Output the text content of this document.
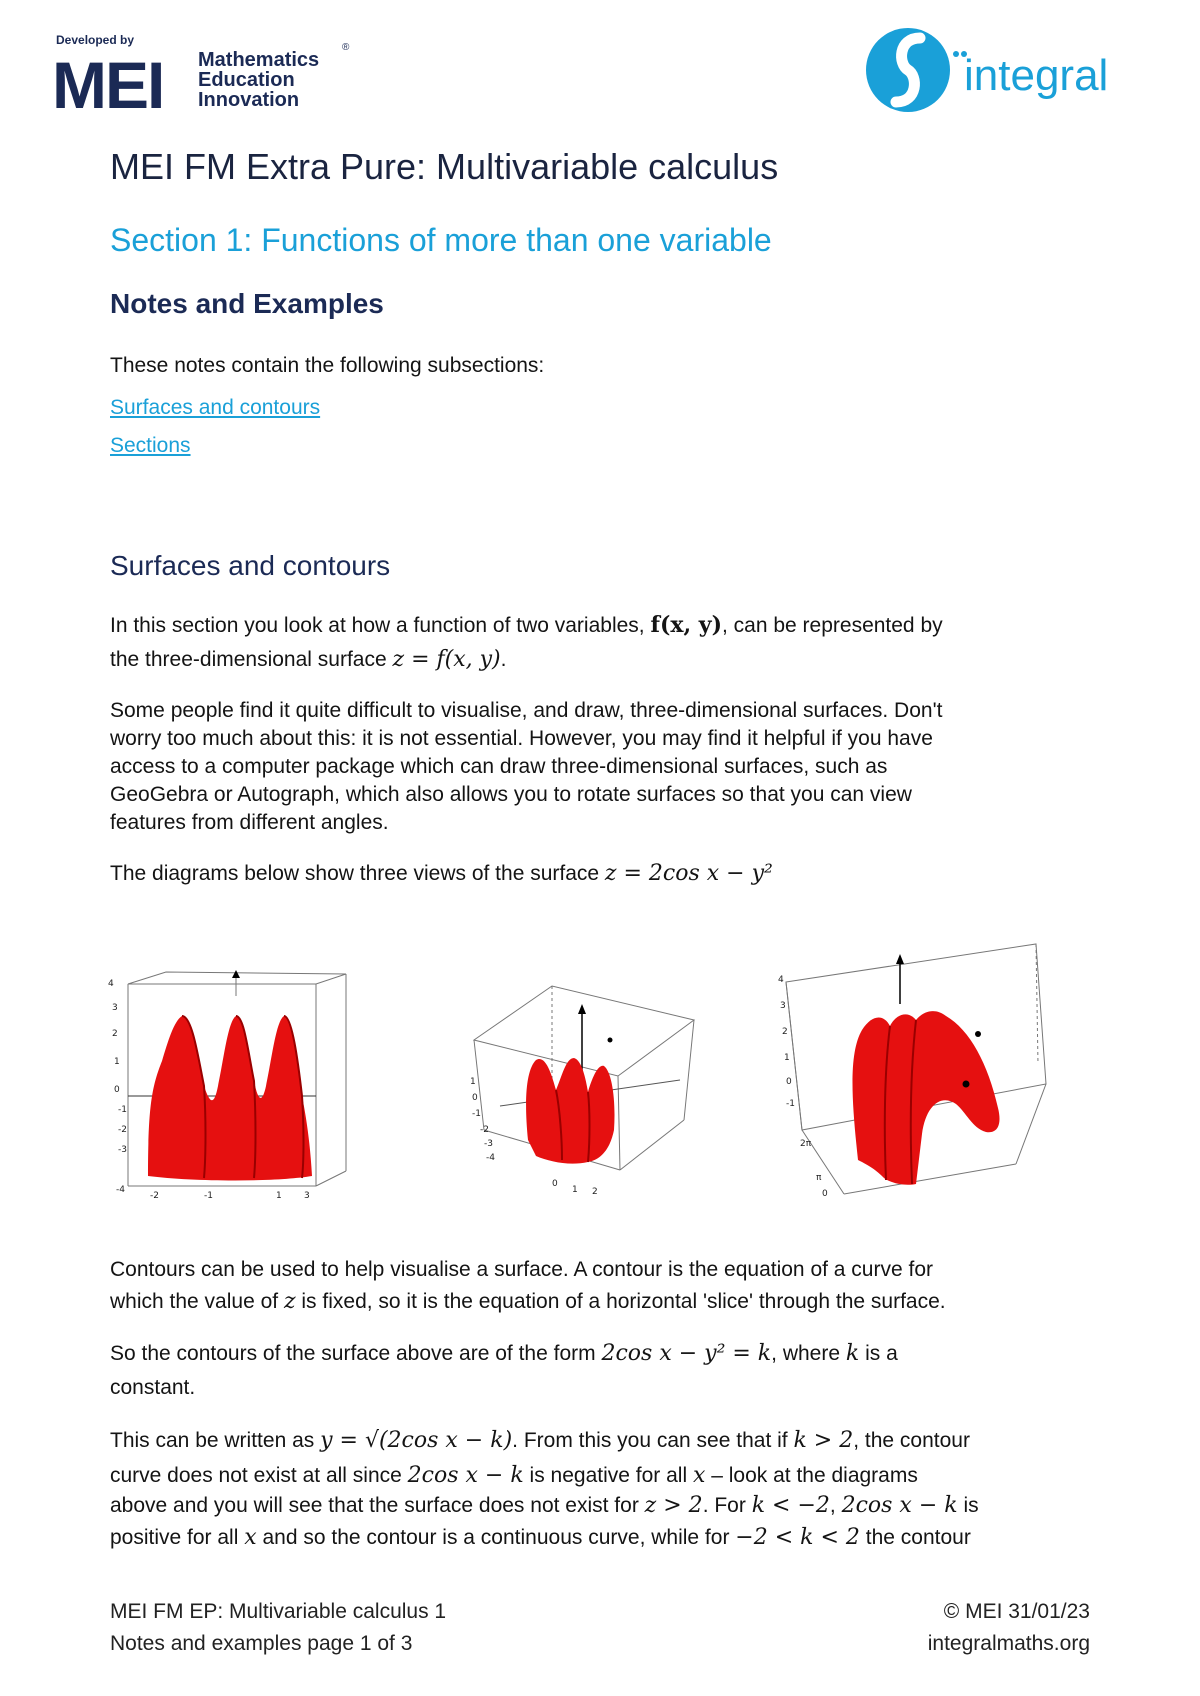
Developed by
MEI Mathematics
Education
Innovation
®
integral
MEI FM Extra Pure: Multivariable calculus
Section 1: Functions of more than one variable
Notes and Examples

These notes contain the following subsections:

Surfaces and contours
Sections
Surfaces and contours

In this section you look at how a function of two variables, f(x, y), can be represented by

the three-dimensional surface z = f(x, y).

Some people find it quite difficult to visualise, and draw, three-dimensional surfaces. Don't

worry too much about this: it is not essential. However, you may find it helpful if you have

access to a computer package which can draw three-dimensional surfaces, such as

GeoGebra or Autograph, which also allows you to rotate surfaces so that you can view

features from different angles.

The diagrams below show three views of the surface z = 2cos x − y²

4
3
2
1
0
-1
-2
-3
-4
-2	-1	1 3
1
0
-1
-2
-3
-4
0
1 2
4
3
2
1
0
-1
2π
π
0

Contours can be used to help visualise a surface. A contour is the equation of a curve for

which the value of z is fixed, so it is the equation of a horizontal 'slice' through the surface.

So the contours of the surface above are of the form 2cos x − y² = k, where k is a

constant.

This can be written as y = √(2cos x − k). From this you can see that if k > 2, the contour

curve does not exist at all since 2cos x − k is negative for all x – look at the diagrams

above and you will see that the surface does not exist for z > 2. For k < −2, 2cos x − k is

positive for all x and so the contour is a continuous curve, while for −2 < k < 2 the contour

MEI FM EP: Multivariable calculus 1
Notes and examples page 1 of 3
© MEI 31/01/23
integralmaths.org
